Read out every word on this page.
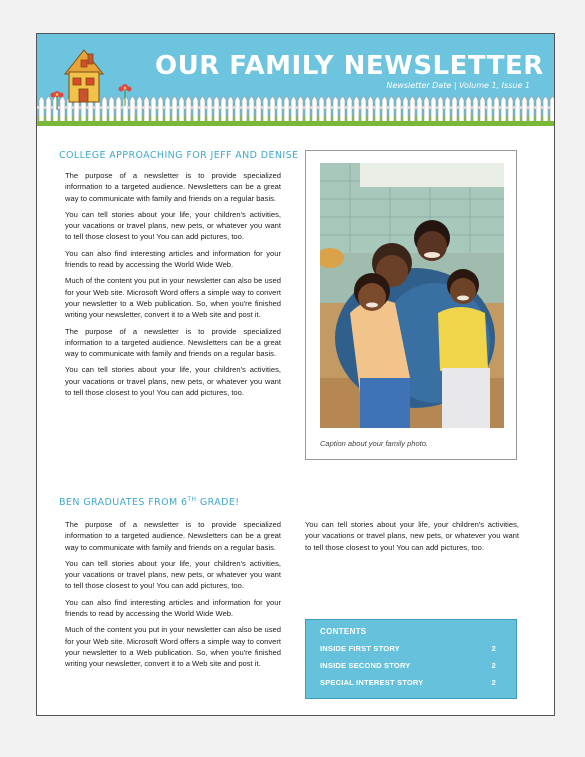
OUR FAMILY NEWSLETTER
Newsletter Date | Volume 1, Issue 1
COLLEGE APPROACHING FOR JEFF AND DENISE

The purpose of a newsletter is to provide specialized information to a targeted audience. Newsletters can be a great way to communicate with family and friends on a regular basis.

You can tell stories about your life, your children's activities, your vacations or travel plans, new pets, or whatever you want to tell those closest to you! You can add pictures, too.

You can also find interesting articles and information for your friends to read by accessing the World Wide Web.

Much of the content you put in your newsletter can also be used for your Web site. Microsoft Word offers a simple way to convert your newsletter to a Web publication. So, when you're finished writing your newsletter, convert it to a Web site and post it.

The purpose of a newsletter is to provide specialized information to a targeted audience. Newsletters can be a great way to communicate with family and friends on a regular basis.

You can tell stories about your life, your children's activities, your vacations or travel plans, new pets, or whatever you want to tell those closest to you! You can add pictures, too.

Caption about your family photo.
BEN GRADUATES FROM 6TH GRADE!

The purpose of a newsletter is to provide specialized information to a targeted audience. Newsletters can be a great way to communicate with family and friends on a regular basis.

You can tell stories about your life, your children's activities, your vacations or travel plans, new pets, or whatever you want to tell those closest to you! You can add pictures, too.

You can also find interesting articles and information for your friends to read by accessing the World Wide Web.

Much of the content you put in your newsletter can also be used for your Web site. Microsoft Word offers a simple way to convert your newsletter to a Web publication. So, when you're finished writing your newsletter, convert it to a Web site and post it.

You can tell stories about your life, your children's activities, your vacations or travel plans, new pets, or whatever you want to tell those closest to you! You can add pictures, too.

CONTENTS
INSIDE FIRST STORY	2
INSIDE SECOND STORY	2
SPECIAL INTEREST STORY	2
